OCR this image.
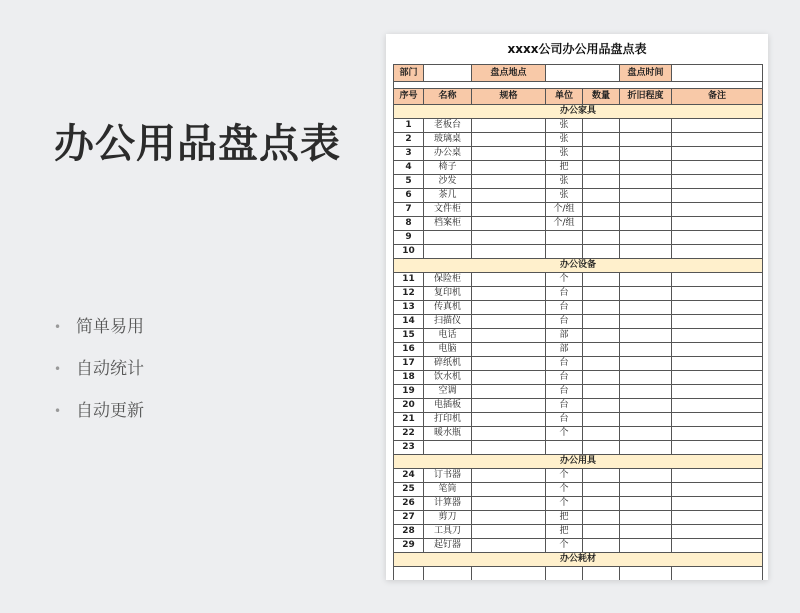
办公用品盘点表
• 简单易用
• 自动统计
• 自动更新
xxxx公司办公用品盘点表
部门		盘点地点			盘点时间	

序号	名称	规格	单位	数量	折旧程度	备注
办公家具						
1	老板台		张			
2	玻璃桌		张			
3	办公桌		张			
4	椅子		把			
5	沙发		张			
6	茶几		张			
7	文件柜		个/组			
8	档案柜		个/组			
9						
10						
办公设备						
11	保险柜		个			
12	复印机		台			
13	传真机		台			
14	扫描仪		台			
15	电话		部			
16	电脑		部			
17	碎纸机		台			
18	饮水机		台			
19	空调		台			
20	电插板		台			
21	打印机		台			
22	暖水瓶		个			
23						
办公用具						
24	订书器		个			
25	笔筒		个			
26	计算器		个			
27	剪刀		把			
28	工具刀		把			
29	起钉器		个			
办公耗材						
